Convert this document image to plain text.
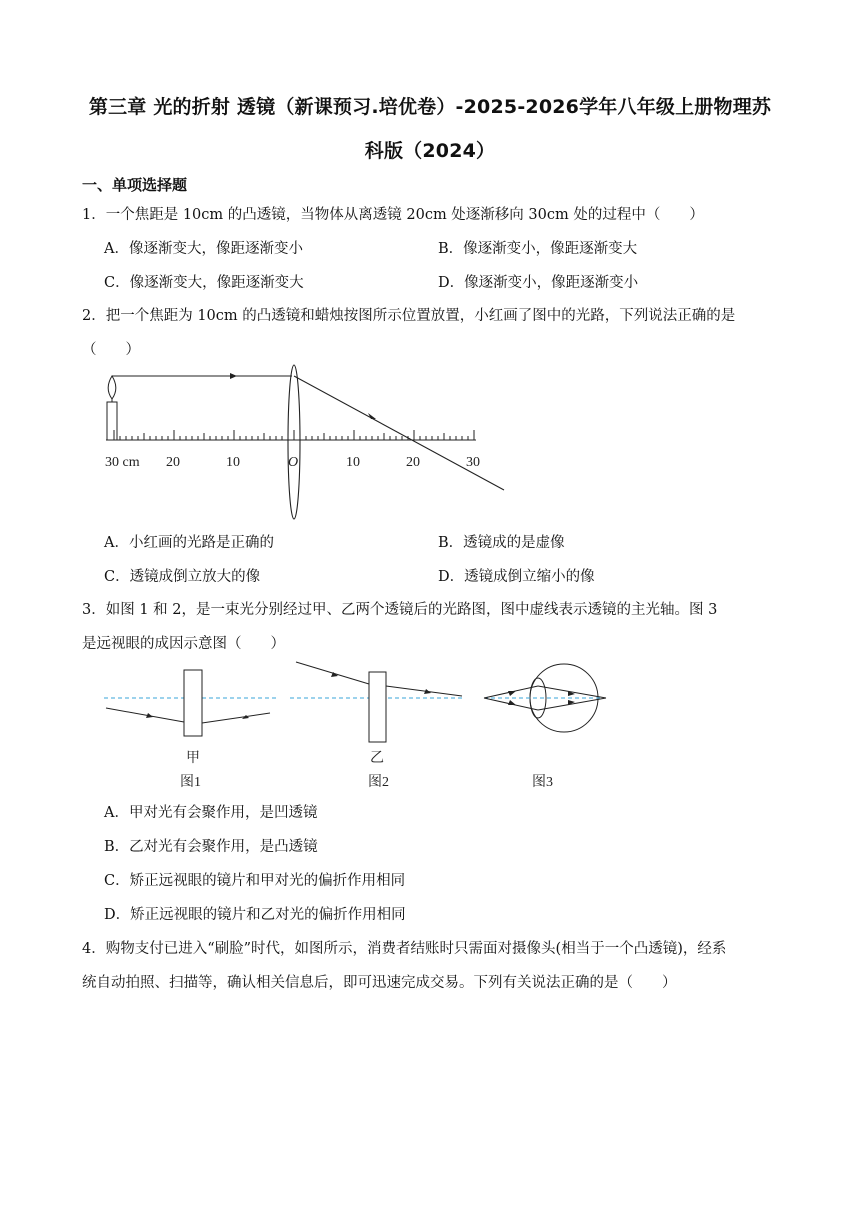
第三章 光的折射 透镜（新课预习.培优卷）-2025-2026学年八年级上册物理苏
科版（2024）
一、单项选择题
1．一个焦距是 10cm 的凸透镜，当物体从离透镜 20cm 处逐渐移向 30cm 处的过程中（　　）
A．像逐渐变大，像距逐渐变小	B．像逐渐变小，像距逐渐变大
C．像逐渐变大，像距逐渐变大	D．像逐渐变小，像距逐渐变小
2．把一个焦距为 10cm 的凸透镜和蜡烛按图所示位置放置，小红画了图中的光路，下列说法正确的是
（　　）
30 cm 20	10	O	10	20	30
A．小红画的光路是正确的	B．透镜成的是虚像
C．透镜成倒立放大的像	D．透镜成倒立缩小的像
3．如图 1 和 2，是一束光分别经过甲、乙两个透镜后的光路图，图中虚线表示透镜的主光轴。图 3
是远视眼的成因示意图（　　）
甲
图1
乙
图2	图3
A．甲对光有会聚作用，是凹透镜
B．乙对光有会聚作用，是凸透镜
C．矫正远视眼的镜片和甲对光的偏折作用相同
D．矫正远视眼的镜片和乙对光的偏折作用相同
4．购物支付已进入“刷脸”时代，如图所示，消费者结账时只需面对摄像头(相当于一个凸透镜)，经系
统自动拍照、扫描等，确认相关信息后，即可迅速完成交易。下列有关说法正确的是（　　）
